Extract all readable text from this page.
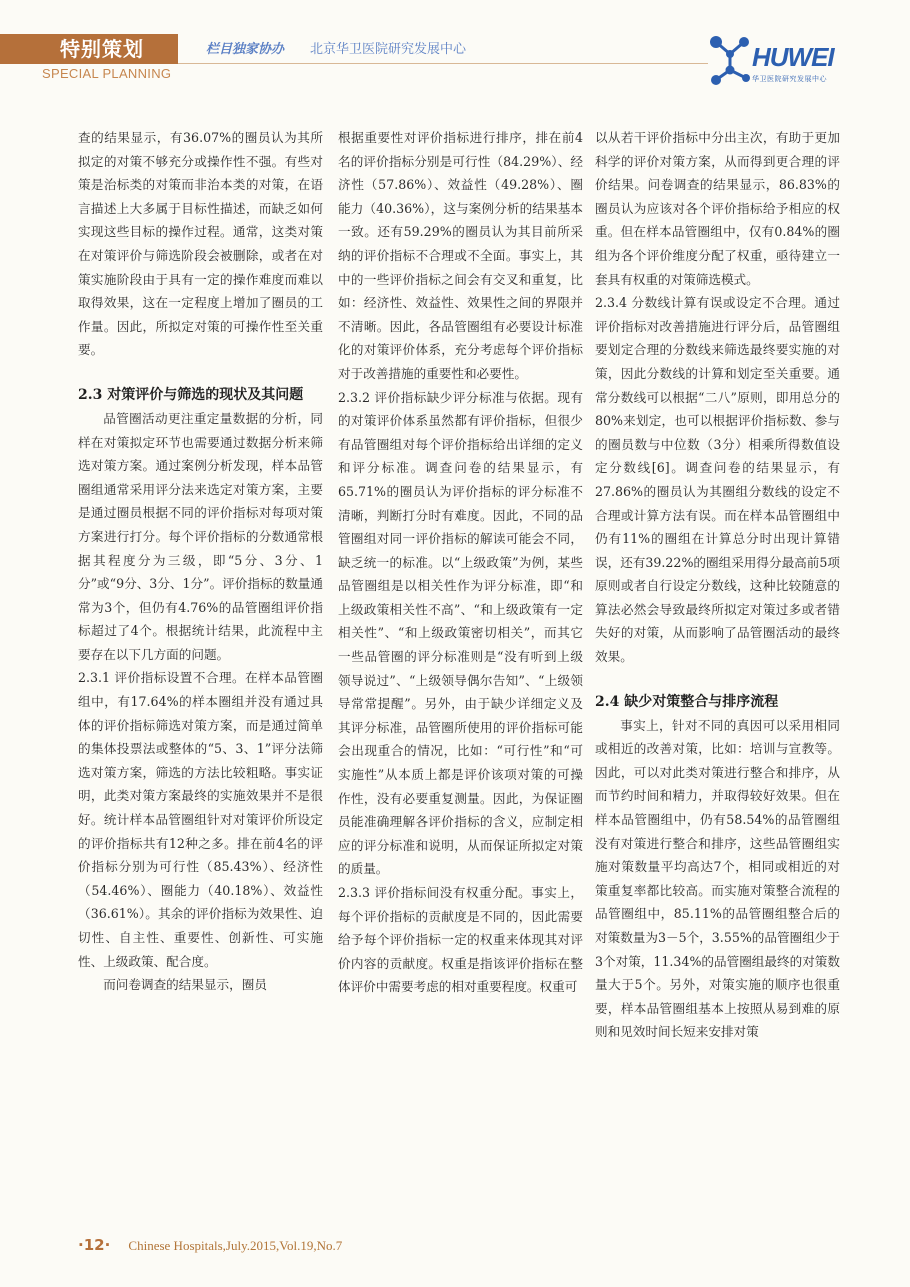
特别策划
SPECIAL PLANNING
栏目独家协办 北京华卫医院研究发展中心	HUWEI
华卫医院研究发展中心

查的结果显示，有36.07%的圈员认为其所拟定的对策不够充分或操作性不强。有些对策是治标类的对策而非治本类的对策，在语言描述上大多属于目标性描述，而缺乏如何实现这些目标的操作过程。通常，这类对策在对策评价与筛选阶段会被删除，或者在对策实施阶段由于具有一定的操作难度而难以取得效果，这在一定程度上增加了圈员的工作量。因此，所拟定对策的可操作性至关重要。

2.3 对策评价与筛选的现状及其问题

品管圈活动更注重定量数据的分析，同样在对策拟定环节也需要通过数据分析来筛选对策方案。通过案例分析发现，样本品管圈组通常采用评分法来选定对策方案，主要是通过圈员根据不同的评价指标对每项对策方案进行打分。每个评价指标的分数通常根据其程度分为三级，即“5分、3分、1分”或“9分、3分、1分”。评价指标的数量通常为3个，但仍有4.76%的品管圈组评价指标超过了4个。根据统计结果，此流程中主要存在以下几方面的问题。

2.3.1 评价指标设置不合理。在样本品管圈组中，有17.64%的样本圈组并没有通过具体的评价指标筛选对策方案，而是通过简单的集体投票法或整体的“5、3、1”评分法筛选对策方案，筛选的方法比较粗略。事实证明，此类对策方案最终的实施效果并不是很好。统计样本品管圈组针对对策评价所设定的评价指标共有12种之多。排在前4名的评价指标分别为可行性（85.43%）、经济性（54.46%）、圈能力（40.18%）、效益性（36.61%）。其余的评价指标为效果性、迫切性、自主性、重要性、创新性、可实施性、上级政策、配合度。

而问卷调查的结果显示，圈员

根据重要性对评价指标进行排序，排在前4名的评价指标分别是可行性（84.29%）、经济性（57.86%）、效益性（49.28%）、圈能力（40.36%），这与案例分析的结果基本一致。还有59.29%的圈员认为其目前所采纳的评价指标不合理或不全面。事实上，其中的一些评价指标之间会有交叉和重复，比如：经济性、效益性、效果性之间的界限并不清晰。因此，各品管圈组有必要设计标准化的对策评价体系，充分考虑每个评价指标对于改善措施的重要性和必要性。

2.3.2 评价指标缺少评分标准与依据。现有的对策评价体系虽然都有评价指标，但很少有品管圈组对每个评价指标给出详细的定义和评分标准。调查问卷的结果显示，有65.71%的圈员认为评价指标的评分标准不清晰，判断打分时有难度。因此，不同的品管圈组对同一评价指标的解读可能会不同，缺乏统一的标准。以“上级政策”为例，某些品管圈组是以相关性作为评分标准，即“和上级政策相关性不高”、“和上级政策有一定相关性”、“和上级政策密切相关”，而其它一些品管圈的评分标准则是“没有听到上级领导说过”、“上级领导偶尔告知”、“上级领导常常提醒”。另外，由于缺少详细定义及其评分标准，品管圈所使用的评价指标可能会出现重合的情况，比如：“可行性”和“可实施性”从本质上都是评价该项对策的可操作性，没有必要重复测量。因此，为保证圈员能准确理解各评价指标的含义，应制定相应的评分标准和说明，从而保证所拟定对策的质量。

2.3.3 评价指标间没有权重分配。事实上，每个评价指标的贡献度是不同的，因此需要给予每个评价指标一定的权重来体现其对评价内容的贡献度。权重是指该评价指标在整体评价中需要考虑的相对重要程度。权重可

以从若干评价指标中分出主次，有助于更加科学的评价对策方案，从而得到更合理的评价结果。问卷调查的结果显示，86.83%的圈员认为应该对各个评价指标给予相应的权重。但在样本品管圈组中，仅有0.84%的圈组为各个评价维度分配了权重，亟待建立一套具有权重的对策筛选模式。

2.3.4 分数线计算有误或设定不合理。通过评价指标对改善措施进行评分后，品管圈组要划定合理的分数线来筛选最终要实施的对策，因此分数线的计算和划定至关重要。通常分数线可以根据“二八”原则，即用总分的80%来划定，也可以根据评价指标数、参与的圈员数与中位数（3分）相乘所得数值设定分数线[6]。调查问卷的结果显示，有27.86%的圈员认为其圈组分数线的设定不合理或计算方法有误。而在样本品管圈组中仍有11%的圈组在计算总分时出现计算错误，还有39.22%的圈组采用得分最高前5项原则或者自行设定分数线，这种比较随意的算法必然会导致最终所拟定对策过多或者错失好的对策，从而影响了品管圈活动的最终效果。

2.4 缺少对策整合与排序流程

事实上，针对不同的真因可以采用相同或相近的改善对策，比如：培训与宣教等。因此，可以对此类对策进行整合和排序，从而节约时间和精力，并取得较好效果。但在样本品管圈组中，仍有58.54%的品管圈组没有对策进行整合和排序，这些品管圈组实施对策数量平均高达7个，相同或相近的对策重复率都比较高。而实施对策整合流程的品管圈组中，85.11%的品管圈组整合后的对策数量为3－5个，3.55%的品管圈组少于3个对策，11.34%的品管圈组最终的对策数量大于5个。另外，对策实施的顺序也很重要，样本品管圈组基本上按照从易到难的原则和见效时间长短来安排对策

·12· Chinese Hospitals,July.2015,Vol.19,No.7
